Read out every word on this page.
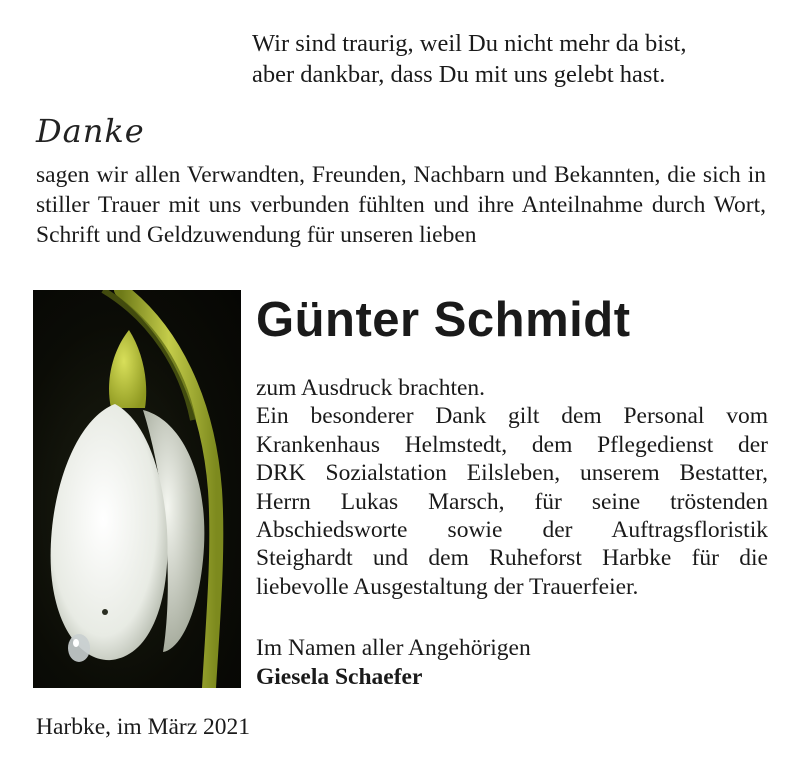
Wir sind traurig, weil Du nicht mehr da bist,
aber dankbar, dass Du mit uns gelebt hast.
Danke
sagen wir allen Verwandten, Freunden, Nachbarn und Bekannten, die sich in stiller Trauer mit uns verbunden fühlten und ihre Anteilnahme durch Wort, Schrift und Geldzuwendung für unseren lieben
Günter Schmidt
zum Ausdruck brachten.
Ein besonderer Dank gilt dem Personal vom
Krankenhaus Helmstedt, dem Pflegedienst der
DRK Sozialstation Eilsleben, unserem Bestatter,
Herrn Lukas Marsch, für seine tröstenden
Abschiedsworte sowie der Auftragsfloristik
Steighardt und dem Ruheforst Harbke für die
liebevolle Ausgestaltung der Trauerfeier.
Im Namen aller Angehörigen
Giesela Schaefer
Harbke, im März 2021
